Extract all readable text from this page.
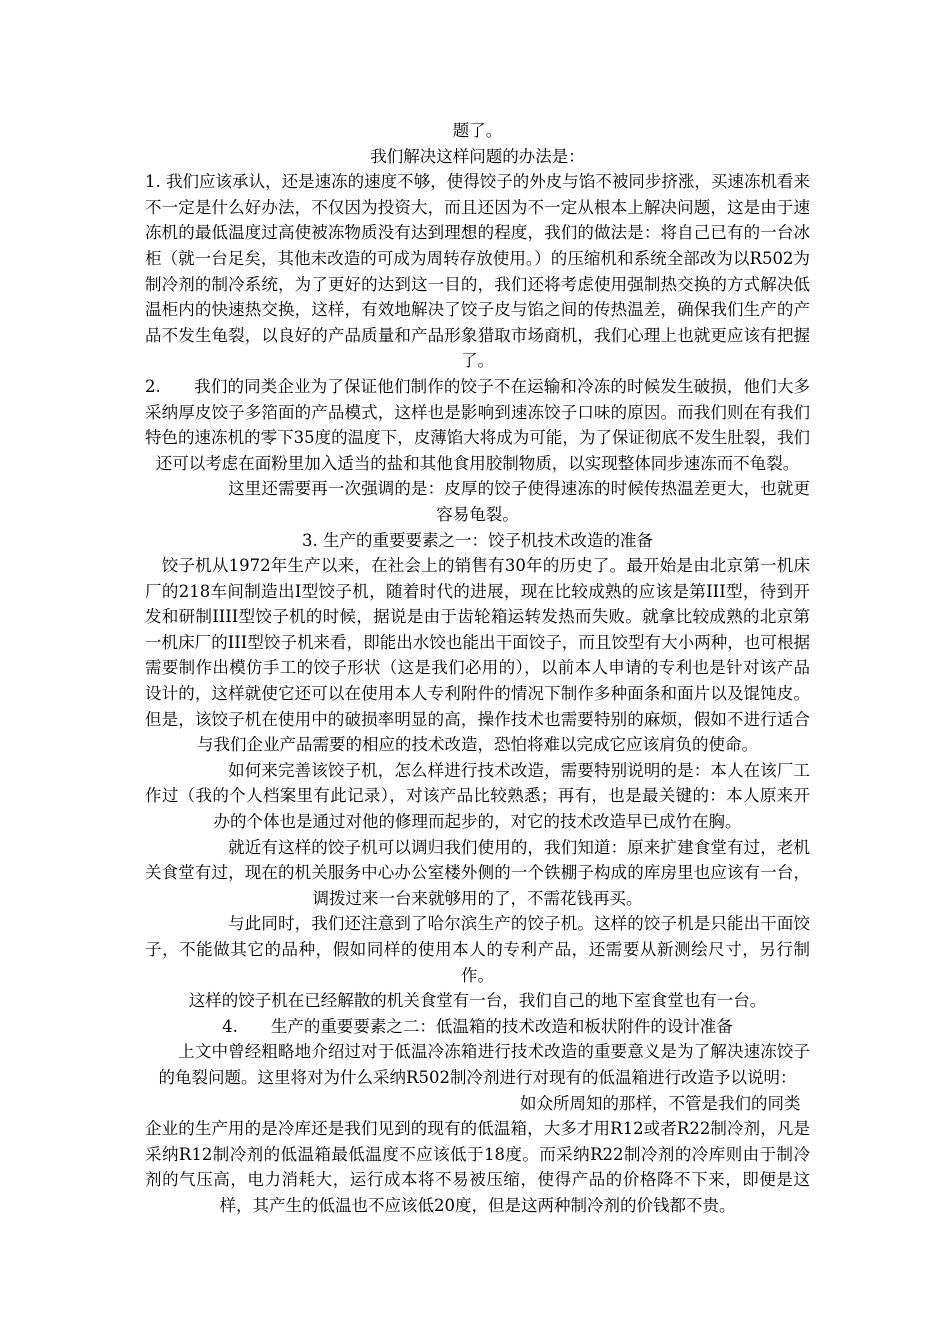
题了。

我们解决这样问题的办法是：

1. 我们应该承认，还是速冻的速度不够，使得饺子的外皮与馅不被同步挤涨，买速冻机看来不一定是什么好办法，不仅因为投资大，而且还因为不一定从根本上解决问题，这是由于速冻机的最低温度过高使被冻物质没有达到理想的程度，我们的做法是：将自己已有的一台冰柜（就一台足矣，其他未改造的可成为周转存放使用。）的压缩机和系统全部改为以R502为制冷剂的制冷系统，为了更好的达到这一目的，我们还将考虑使用强制热交换的方式解决低温柜内的快速热交换，这样，有效地解决了饺子皮与馅之间的传热温差，确保我们生产的产品不发生龟裂，以良好的产品质量和产品形象猎取市场商机，我们心理上也就更应该有把握了。

2.　　我们的同类企业为了保证他们制作的饺子不在运输和冷冻的时候发生破损，他们大多采纳厚皮饺子多箔面的产品模式，这样也是影响到速冻饺子口味的原因。而我们则在有我们特色的速冻机的零下35度的温度下，皮薄馅大将成为可能，为了保证彻底不发生肚裂，我们还可以考虑在面粉里加入适当的盐和其他食用胶制物质，以实现整体同步速冻而不龟裂。

　　　　　这里还需要再一次强调的是：皮厚的饺子使得速冻的时候传热温差更大，也就更容易龟裂。

3. 生产的重要要素之一：饺子机技术改造的准备

　饺子机从1972年生产以来，在社会上的销售有30年的历史了。最开始是由北京第一机床厂的218车间制造出I型饺子机，随着时代的进展，现在比较成熟的应该是第III型，待到开发和研制IIII型饺子机的时候，据说是由于齿轮箱运转发热而失败。就拿比较成熟的北京第一机床厂的III型饺子机来看，即能出水饺也能出干面饺子，而且饺型有大小两种，也可根据需要制作出模仿手工的饺子形状（这是我们必用的），以前本人申请的专利也是针对该产品设计的，这样就使它还可以在使用本人专利附件的情况下制作多种面条和面片以及馄饨皮。但是，该饺子机在使用中的破损率明显的高，操作技术也需要特别的麻烦，假如不进行适合与我们企业产品需要的相应的技术改造，恐怕将难以完成它应该肩负的使命。

　　　　　如何来完善该饺子机，怎么样进行技术改造，需要特别说明的是：本人在该厂工作过（我的个人档案里有此记录），对该产品比较熟悉；再有，也是最关键的：本人原来开办的个体也是通过对他的修理而起步的，对它的技术改造早已成竹在胸。

　　　　　就近有这样的饺子机可以调归我们使用的，我们知道：原来扩建食堂有过，老机关食堂有过，现在的机关服务中心办公室楼外侧的一个铁棚子构成的库房里也应该有一台，调拨过来一台来就够用的了，不需花钱再买。

　　　　　与此同时，我们还注意到了哈尔滨生产的饺子机。这样的饺子机是只能出干面饺子，不能做其它的品种，假如同样的使用本人的专利产品，还需要从新测绘尺寸，另行制作。

这样的饺子机在已经解散的机关食堂有一台，我们自己的地下室食堂也有一台。

4.　　生产的重要要素之二：低温箱的技术改造和板状附件的设计准备

　　上文中曾经粗略地介绍过对于低温冷冻箱进行技术改造的重要意义是为了解决速冻饺子的龟裂问题。这里将对为什么采纳R502制冷剂进行对现有的低温箱进行改造予以说明：

如众所周知的那样，不管是我们的同类

企业的生产用的是冷库还是我们见到的现有的低温箱，大多才用R12或者R22制冷剂，凡是采纳R12制冷剂的低温箱最低温度不应该低于18度。而采纳R22制冷剂的冷库则由于制冷剂的气压高，电力消耗大，运行成本将不易被压缩，使得产品的价格降不下来，即便是这样，其产生的低温也不应该低20度，但是这两种制冷剂的价钱都不贵。
